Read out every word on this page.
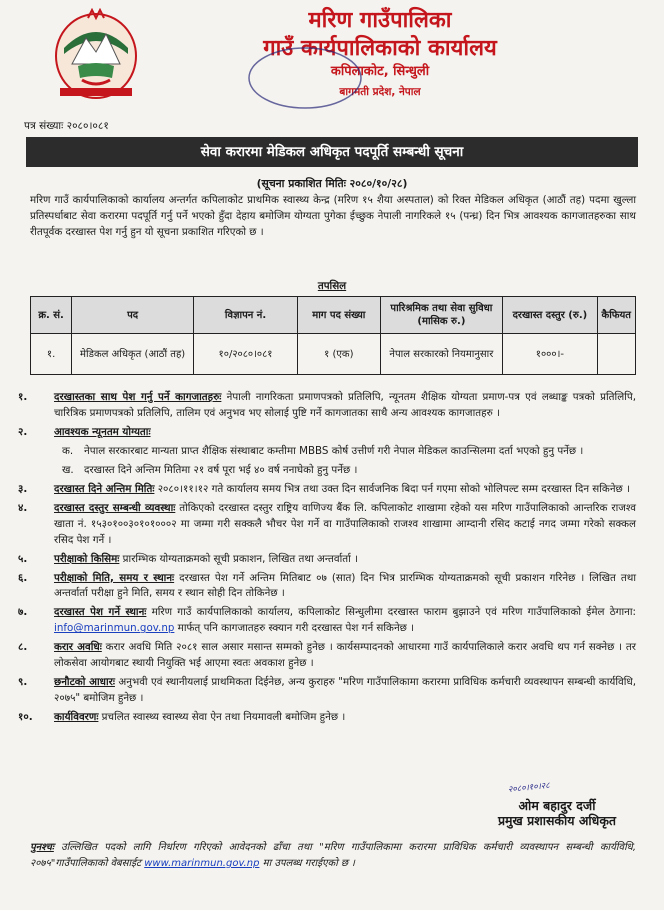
मरिण गाउँपालिका
गाउँ कार्यपालिकाको कार्यालय
कपिलाकोट, सिन्धुली
बागमती प्रदेश, नेपाल
पत्र संख्याः २०८०।०८१
सेवा करारमा मेडिकल अधिकृत पदपूर्ति सम्बन्धी सूचना
(सूचना प्रकाशित मितिः २०८०/१०/२८)
मरिण गाउँ कार्यपालिकाको कार्यालय अन्तर्गत कपिलाकोट प्राथमिक स्वास्थ्य केन्द्र (मरिण १५ शैया अस्पताल) को रिक्त मेडिकल अधिकृत (आठौं तह) पदमा खुल्ला प्रतिस्पर्धाबाट सेवा करारमा पदपूर्ति गर्नु पर्ने भएको हुँदा देहाय बमोजिम योग्यता पुगेका ईच्छुक नेपाली नागरिकले १५ (पन्ध्र) दिन भित्र आवश्यक कागजातहरुका साथ रीतपूर्वक दरखास्त पेश गर्नु हुन यो सूचना प्रकाशित गरिएको छ ।
तपसिल
क्र. सं.	पद	विज्ञापन नं.	माग पद संख्या	पारिश्रमिक तथा सेवा सुविधा (मासिक रु.)	दरखास्त दस्तुर (रु.)	कैफियत
१.	मेडिकल अधिकृत (आठौं तह)	१०/२०८०।०८१	१ (एक)	नेपाल सरकारको नियमानुसार	१०००।-	
१.	दरखास्तका साथ पेश गर्नु पर्ने कागजातहरुः नेपाली नागरिकता प्रमाणपत्रको प्रतिलिपि, न्यूनतम शैक्षिक योग्यता प्रमाण-पत्र एवं लब्धाङ्क पत्रको प्रतिलिपि, चारित्रिक प्रमाणपत्रको प्रतिलिपि, तालिम एवं अनुभव भए सोलाई पुष्टि गर्ने कागजातका साथै अन्य आवश्यक कागजातहरु ।
२.	आवश्यक न्यूनतम योग्यताः
क.	नेपाल सरकारबाट मान्यता प्राप्त शैक्षिक संस्थाबाट कम्तीमा MBBS कोर्ष उत्तीर्ण गरी नेपाल मेडिकल काउन्सिलमा दर्ता भएको हुनु पर्नेछ ।
ख. दरखास्त दिने अन्तिम मितिमा २१ वर्ष पूरा भई ४० वर्ष ननाघेको हुनु पर्नेछ ।
३.	दरखास्त दिने अन्तिम मितिः २०८०।११।१२ गते कार्यालय समय भित्र तथा उक्त दिन सार्वजनिक बिदा पर्न गएमा सोको भोलिपल्ट सम्म दरखास्त दिन सकिनेछ ।
४.	दरखास्त दस्तुर सम्बन्धी व्यवस्थाः तोकिएको दरखास्त दस्तुर राष्ट्रिय वाणिज्य बैंक लि. कपिलाकोट शाखामा रहेको यस मरिण गाउँपालिकाको आन्तरिक राजश्व खाता नं. १५३०१००३०१०१०००२ मा जम्मा गरी सक्कलै भौचर पेश गर्ने वा गाउँपालिकाको राजश्व शाखामा आम्दानी रसिद कटाई नगद जम्मा गरेको सक्कल रसिद पेश गर्ने ।
५.	परीक्षाको किसिमः प्रारम्भिक योग्यताक्रमको सूची प्रकाशन, लिखित तथा अन्तर्वार्ता ।
६.	परीक्षाको मिति, समय र स्थानः दरखास्त पेश गर्ने अन्तिम मितिबाट ०७ (सात) दिन भित्र प्रारम्भिक योग्यताक्रमको सूची प्रकाशन गरिनेछ । लिखित तथा अन्तर्वार्ता परीक्षा हुने मिति, समय र स्थान सोही दिन तोकिनेछ ।
७.	दरखास्त पेश गर्ने स्थानः मरिण गाउँ कार्यपालिकाको कार्यालय, कपिलाकोट सिन्धुलीमा दरखास्त फाराम बुझाउने एवं मरिण गाउँपालिकाको ईमेल ठेगाना: info@marinmun.gov.np मार्फत् पनि कागजातहरु स्क्यान गरी दरखास्त पेश गर्न सकिनेछ ।
८.	करार अवधिः करार अवधि मिति २०८१ साल असार मसान्त सम्मको हुनेछ । कार्यसम्पादनको आधारमा गाउँ कार्यपालिकाले करार अवधि थप गर्न सक्नेछ । तर लोकसेवा आयोगबाट स्थायी नियुक्ति भई आएमा स्वतः अवकाश हुनेछ ।
९.	छनौटको आधारः अनुभवी एवं स्थानीयलाई प्राथमिकता दिईनेछ, अन्य कुराहरु "मरिण गाउँपालिकामा करारमा प्राविधिक कर्मचारी व्यवस्थापन सम्बन्धी कार्यविधि, २०७५" बमोजिम हुनेछ ।
१०.	कार्यविवरणः प्रचलित स्वास्थ्य स्वास्थ्य सेवा ऐन तथा नियमावली बमोजिम हुनेछ ।
२०८०।१०।२८
ओम बहादुर दर्जी
प्रमुख प्रशासकीय अधिकृत
पुनश्चः उल्लिखित पदको लागि निर्धारण गरिएको आवेदनको ढाँचा तथा "मरिण गाउँपालिकामा करारमा प्राविधिक कर्मचारी व्यवस्थापन सम्बन्धी कार्यविधि, २०७५"गाउँपालिकाको वेबसाईट www.marinmun.gov.np मा उपलब्ध गराईएको छ ।
